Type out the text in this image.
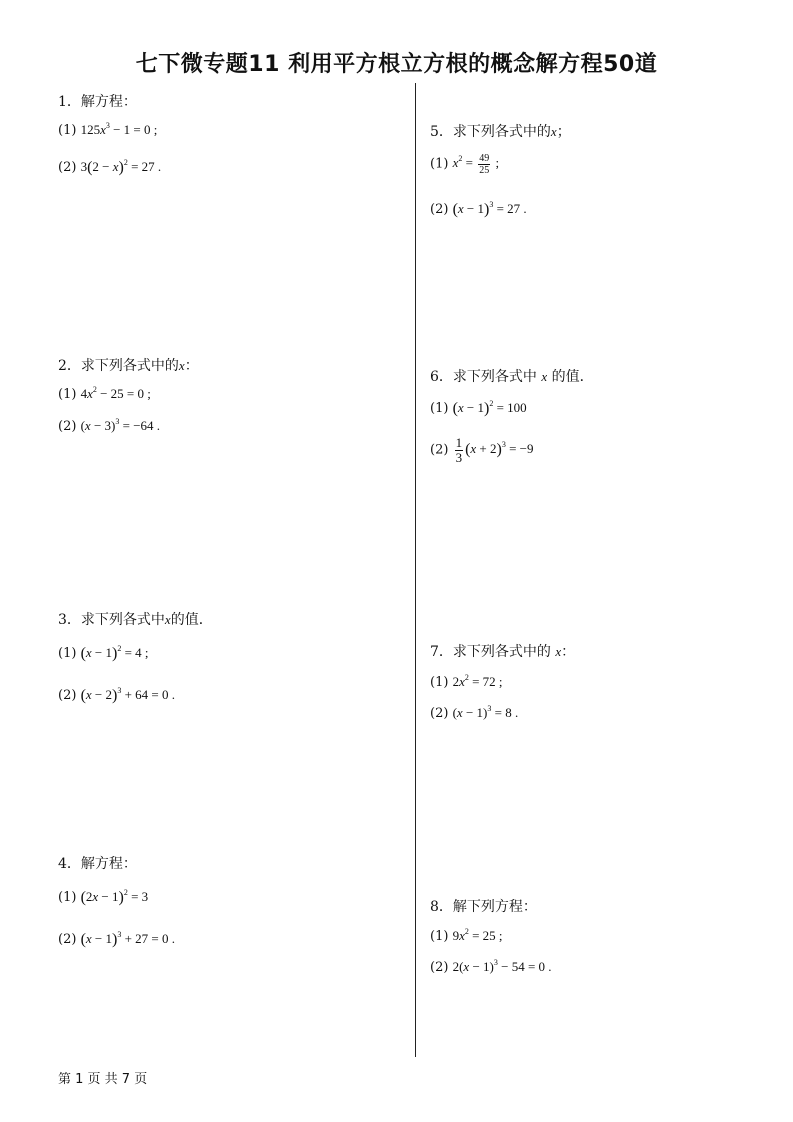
七下微专题11 利用平方根立方根的概念解方程50道
1．解方程：
(1) $125x^3 - 1 = 0$ ;
(2) $3(2 - x)^2 = 27$ .
2．求下列各式中的x：
(1) $4x^2 - 25 = 0$ ;
(2) $(x - 3)^3 = -64$ .
3．求下列各式中x的值．
(1) $(x - 1)^2 = 4$ ;
(2) $(x - 2)^3 + 64 = 0$ .
4．解方程：
(1) $(2x - 1)^2 = 3$
(2) $(x - 1)^3 + 27 = 0$ .
5．求下列各式中的x；
(1) $x^2 = \frac{49}{25}$ ;
(2) $(x - 1)^3 = 27$ .
6．求下列各式中 x 的值．
(1) $(x - 1)^2 = 100$
$(2) \frac{1}{3} (x + 2)^3 = -9$
7．求下列各式中的 x：
(1) $2x^2 = 72$ ;
(2) $(x - 1)^3 = 8$ .
8．解下列方程：
(1) $9x^2 = 25$ ;
(2) $2(x - 1)^3 - 54 = 0$ .
第 1 页 共 7 页
